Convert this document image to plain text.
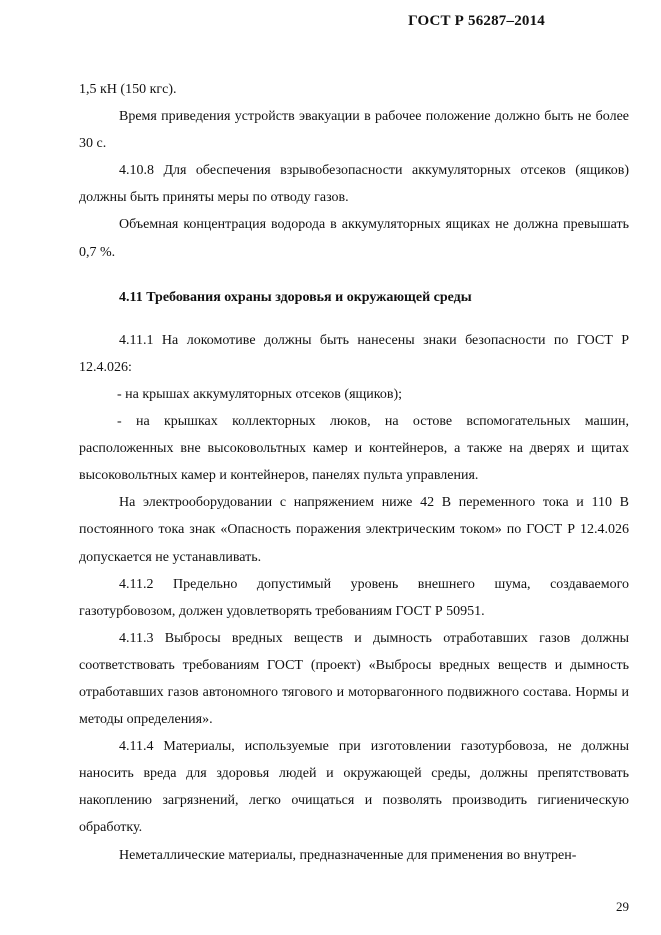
ГОСТ Р 56287–2014

1,5 кН (150 кгс).

Время приведения устройств эвакуации в рабочее положение должно быть не более 30 с.

4.10.8 Для обеспечения взрывобезопасности аккумуляторных отсеков (ящиков) должны быть приняты меры по отводу газов.

Объемная концентрация водорода в аккумуляторных ящиках не должна превышать 0,7 %.

4.11 Требования охраны здоровья и окружающей среды

4.11.1 На локомотиве должны быть нанесены знаки безопасности по ГОСТ Р 12.4.026:

- на крышах аккумуляторных отсеков (ящиков);

- на крышках коллекторных люков, на остове вспомогательных машин, расположенных вне высоковольтных камер и контейнеров, а также на дверях и щитах высоковольтных камер и контейнеров, панелях пульта управления.

На электрооборудовании с напряжением ниже 42 В переменного тока и 110 В постоянного тока знак «Опасность поражения электрическим током» по ГОСТ Р 12.4.026 допускается не устанавливать.

4.11.2 Предельно допустимый уровень внешнего шума, создаваемого газотурбовозом, должен удовлетворять требованиям ГОСТ Р 50951.

4.11.3 Выбросы вредных веществ и дымность отработавших газов должны соответствовать требованиям ГОСТ (проект) «Выбросы вредных веществ и дымность отработавших газов автономного тягового и моторвагонного подвижного состава. Нормы и методы определения».

4.11.4 Материалы, используемые при изготовлении газотурбовоза, не должны наносить вреда для здоровья людей и окружающей среды, должны препятствовать накоплению загрязнений, легко очищаться и позволять производить гигиеническую обработку.

Неметаллические материалы, предназначенные для применения во внутрен-

29
